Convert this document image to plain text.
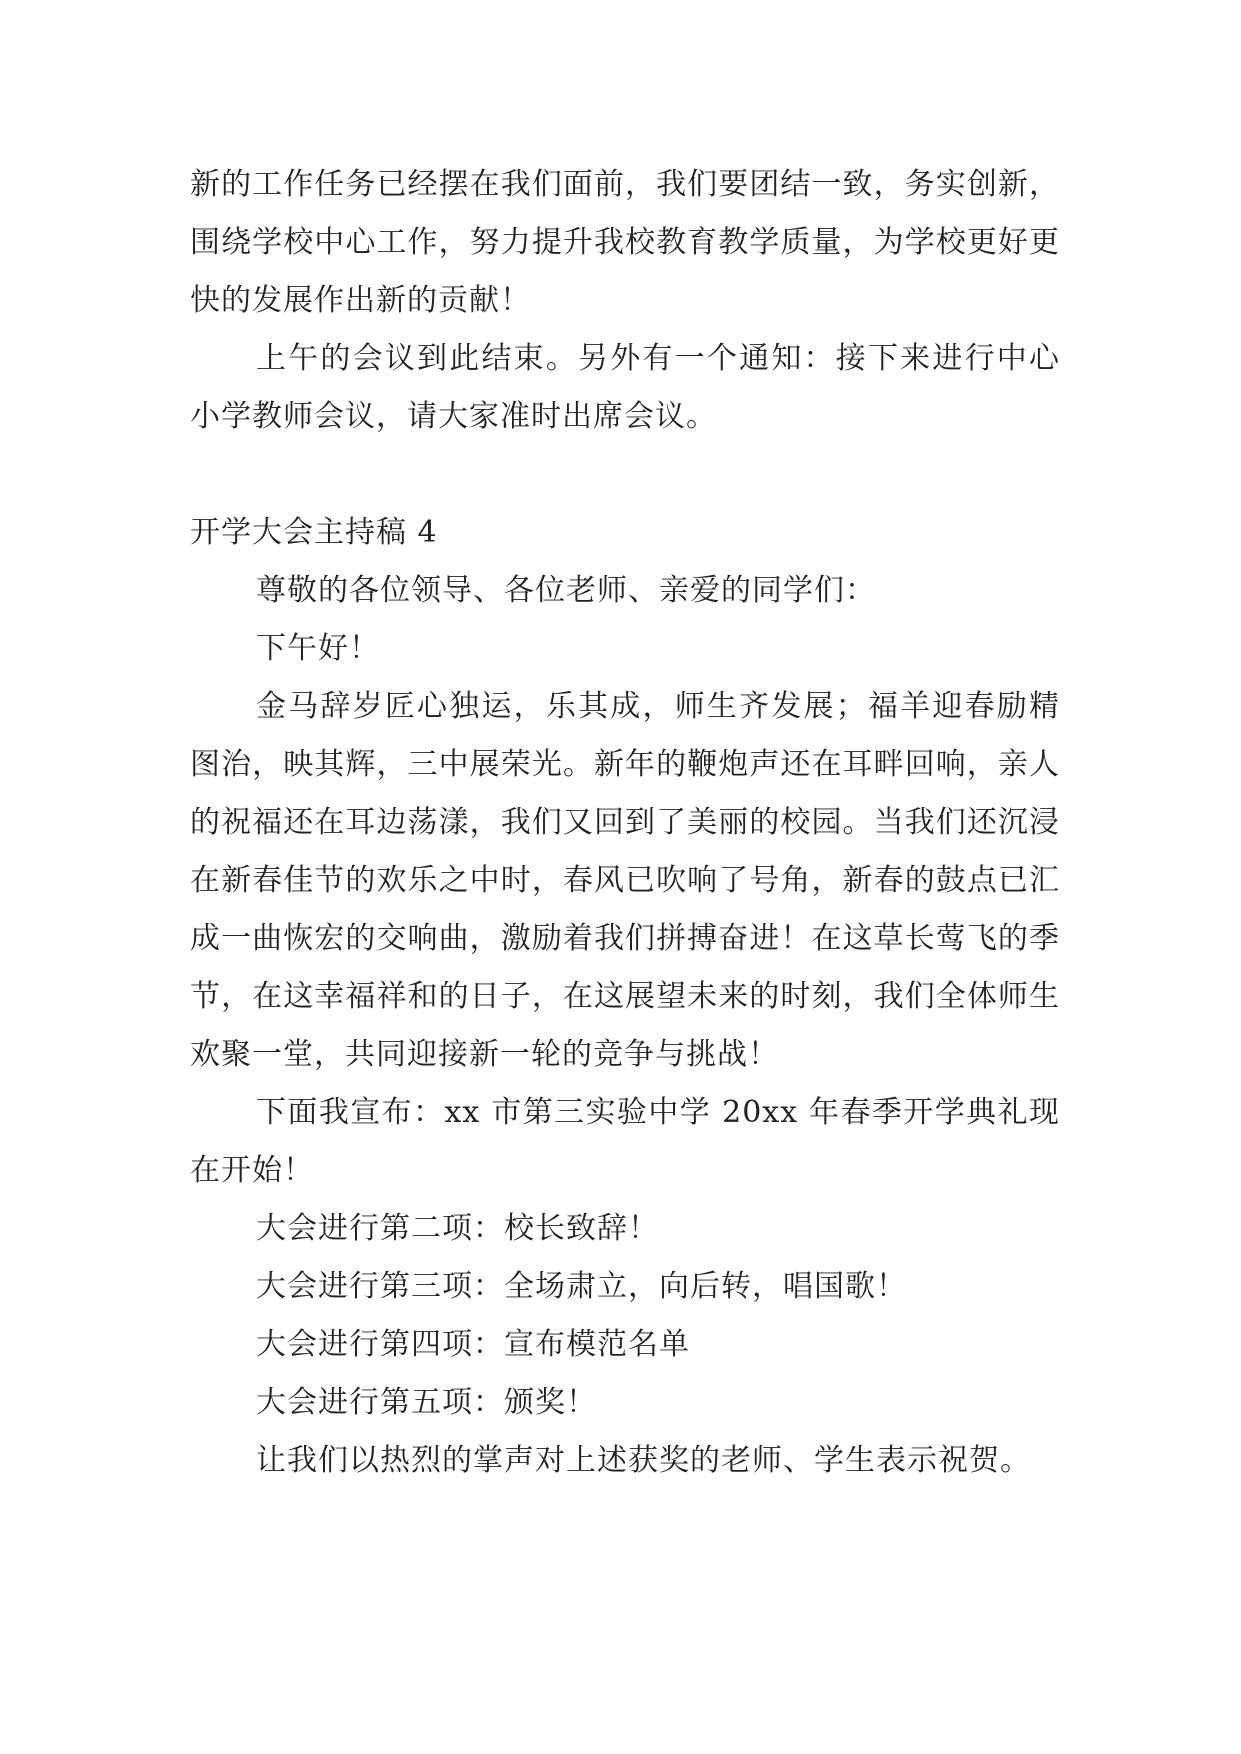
新的工作任务已经摆在我们面前，我们要团结一致，务实创新，围绕学校中心工作，努力提升我校教育教学质量，为学校更好更快的发展作出新的贡献！

上午的会议到此结束。另外有一个通知：接下来进行中心小学教师会议，请大家准时出席会议。

开学大会主持稿 4

尊敬的各位领导、各位老师、亲爱的同学们：

下午好！

金马辞岁匠心独运，乐其成，师生齐发展；福羊迎春励精图治，映其辉，三中展荣光。新年的鞭炮声还在耳畔回响，亲人的祝福还在耳边荡漾，我们又回到了美丽的校园。当我们还沉浸在新春佳节的欢乐之中时，春风已吹响了号角，新春的鼓点已汇成一曲恢宏的交响曲，激励着我们拼搏奋进！在这草长莺飞的季节，在这幸福祥和的日子，在这展望未来的时刻，我们全体师生欢聚一堂，共同迎接新一轮的竞争与挑战！

下面我宣布：xx 市第三实验中学 20xx 年春季开学典礼现在开始！

大会进行第二项：校长致辞！

大会进行第三项：全场肃立，向后转，唱国歌！

大会进行第四项：宣布模范名单

大会进行第五项：颁奖！

让我们以热烈的掌声对上述获奖的老师、学生表示祝贺。
